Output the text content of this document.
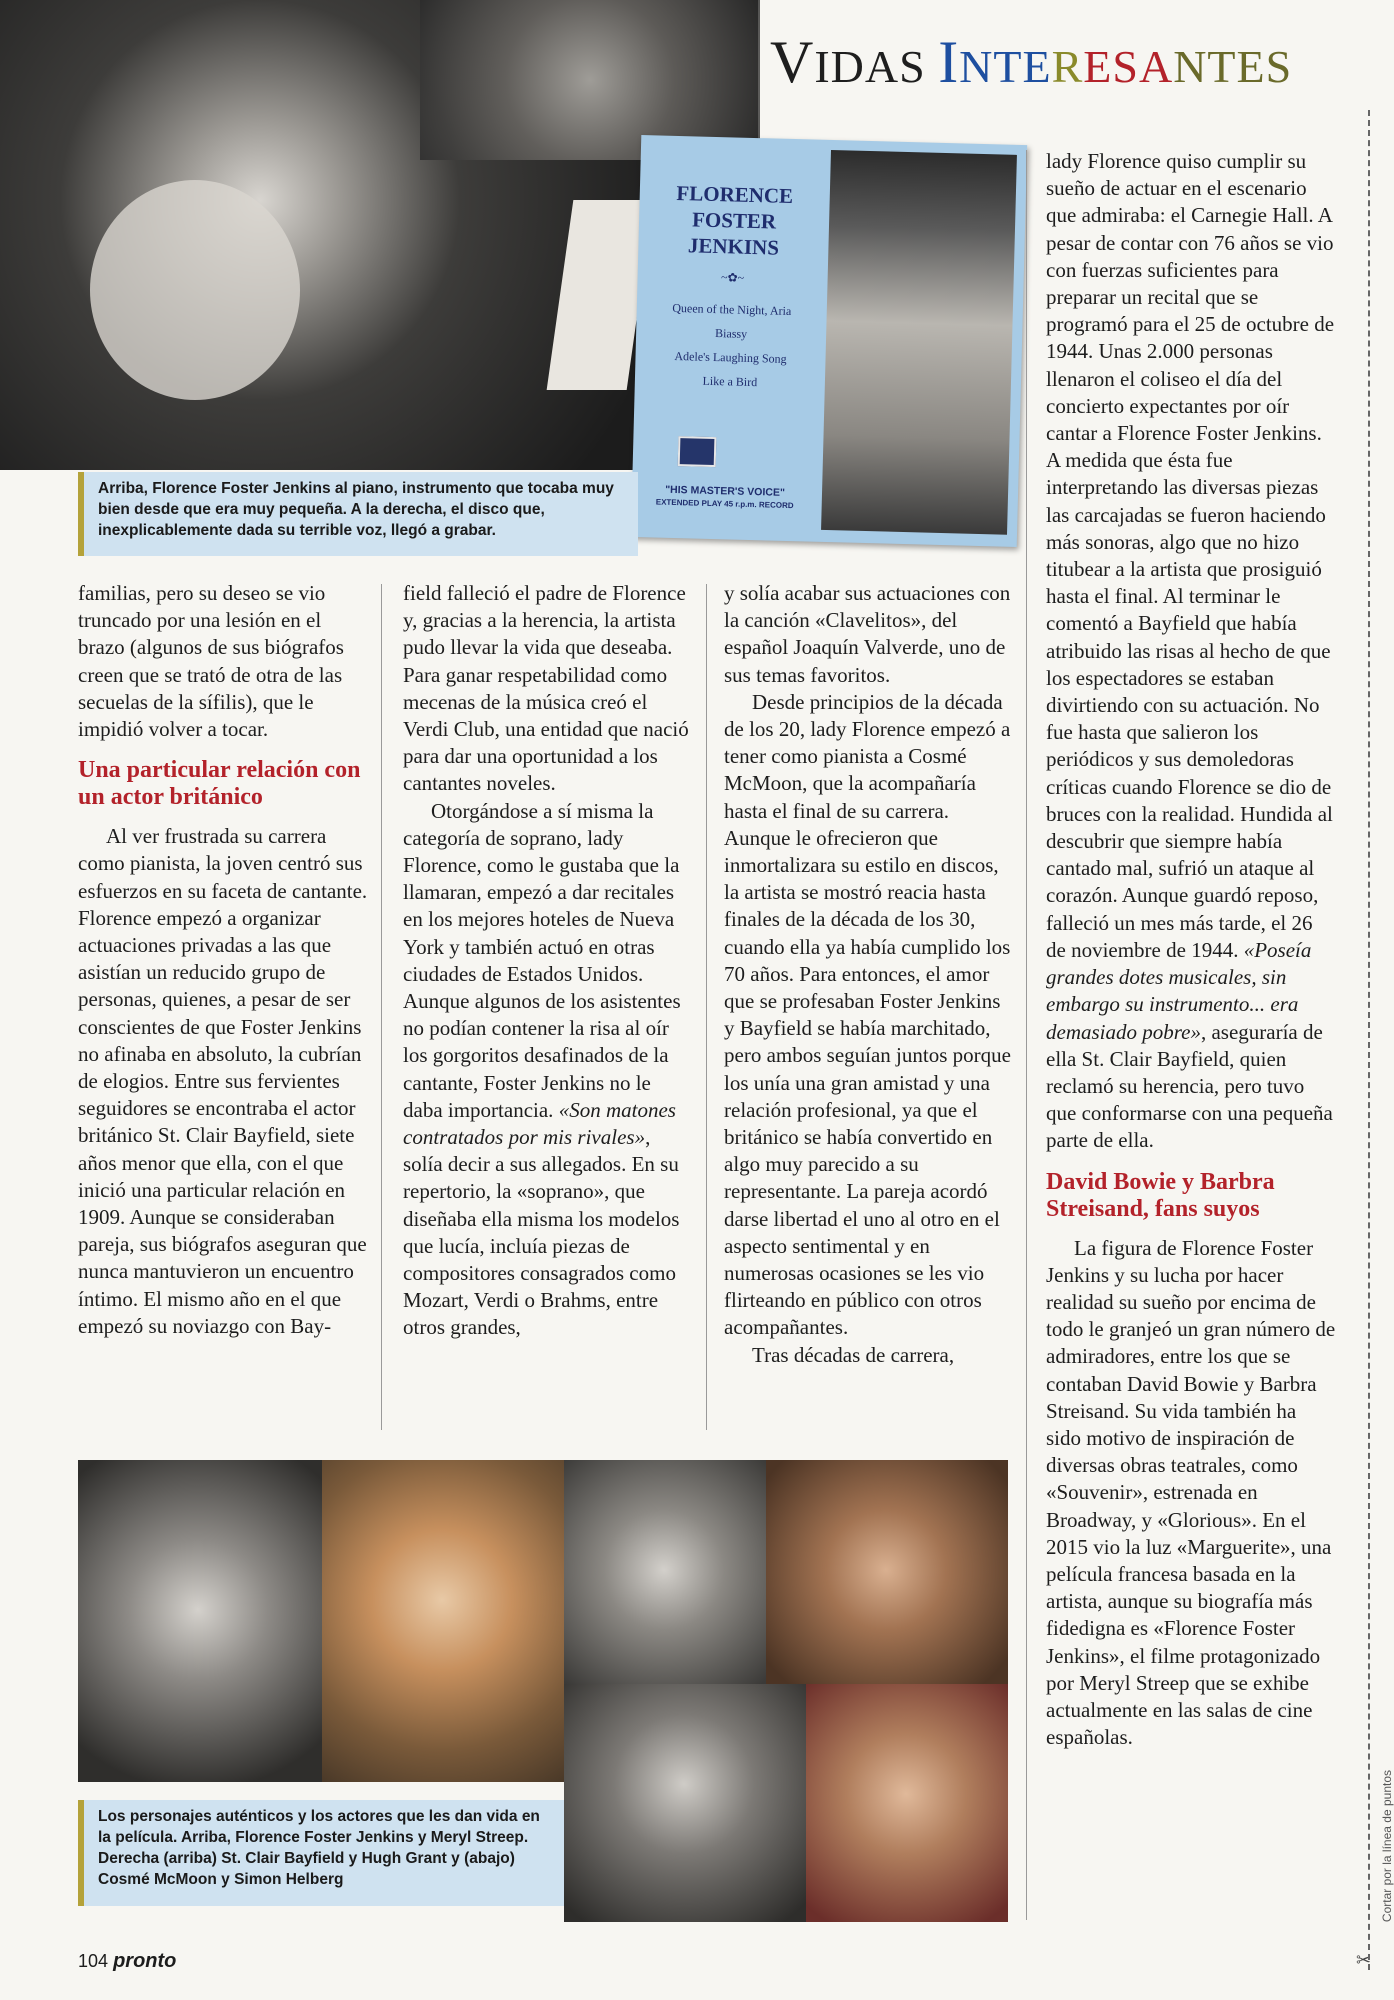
VIDAS INTERESANTES
FLORENCE
FOSTER
JENKINS
~✿~
Queen of the Night, Aria
Biassy
Adele's Laughing Song
Like a Bird
"HIS MASTER'S VOICE"
EXTENDED PLAY 45 r.p.m. RECORD
Arriba, Florence Foster Jenkins al piano, instrumento que tocaba muy bien desde que era muy pequeña. A la derecha, el disco que, inexplicablemente dada su terrible voz, llegó a grabar.

familias, pero su deseo se vio truncado por una lesión en el brazo (algunos de sus biógrafos creen que se trató de otra de las secuelas de la sífilis), que le impidió volver a tocar.

Una particular relación con un actor británico

Al ver frustrada su carrera como pianista, la joven centró sus esfuerzos en su faceta de cantante. Florence empezó a organizar actuaciones privadas a las que asistían un reducido grupo de personas, quienes, a pesar de ser conscientes de que Foster Jenkins no afinaba en absoluto, la cubrían de elogios. Entre sus fervientes seguidores se encontraba el actor británico St. Clair Bayfield, siete años menor que ella, con el que inició una particular relación en 1909. Aunque se consideraban pareja, sus biógrafos aseguran que nunca mantuvieron un encuentro íntimo. El mismo año en el que empezó su noviazgo con Bay-

field falleció el padre de Florence y, gracias a la herencia, la artista pudo llevar la vida que deseaba. Para ganar respetabilidad como mecenas de la música creó el Verdi Club, una entidad que nació para dar una oportunidad a los cantantes noveles.

Otorgándose a sí misma la categoría de soprano, lady Florence, como le gustaba que la llamaran, empezó a dar recitales en los mejores hoteles de Nueva York y también actuó en otras ciudades de Estados Unidos. Aunque algunos de los asistentes no podían contener la risa al oír los gorgoritos desafinados de la cantante, Foster Jenkins no le daba importancia. «Son matones contratados por mis rivales», solía decir a sus allegados. En su repertorio, la «soprano», que diseñaba ella misma los modelos que lucía, incluía piezas de compositores consagrados como Mozart, Verdi o Brahms, entre otros grandes,

y solía acabar sus actuaciones con la canción «Clavelitos», del español Joaquín Valverde, uno de sus temas favoritos.

Desde principios de la década de los 20, lady Florence empezó a tener como pianista a Cosmé McMoon, que la acompañaría hasta el final de su carrera. Aunque le ofrecieron que inmortalizara su estilo en discos, la artista se mostró reacia hasta finales de la década de los 30, cuando ella ya había cumplido los 70 años. Para entonces, el amor que se profesaban Foster Jenkins y Bayfield se había marchitado, pero ambos seguían juntos porque los unía una gran amistad y una relación profesional, ya que el británico se había convertido en algo muy parecido a su representante. La pareja acordó darse libertad el uno al otro en el aspecto sentimental y en numerosas ocasiones se les vio flirteando en público con otros acompañantes.

Tras décadas de carrera,

lady Florence quiso cumplir su sueño de actuar en el escenario que admiraba: el Carnegie Hall. A pesar de contar con 76 años se vio con fuerzas suficientes para preparar un recital que se programó para el 25 de octubre de 1944. Unas 2.000 personas llenaron el coliseo el día del concierto expectantes por oír cantar a Florence Foster Jenkins. A medida que ésta fue interpretando las diversas piezas las carcajadas se fueron haciendo más sonoras, algo que no hizo titubear a la artista que prosiguió hasta el final. Al terminar le comentó a Bayfield que había atribuido las risas al hecho de que los espectadores se estaban divirtiendo con su actuación. No fue hasta que salieron los periódicos y sus demoledoras críticas cuando Florence se dio de bruces con la realidad. Hundida al descubrir que siempre había cantado mal, sufrió un ataque al corazón. Aunque guardó reposo, falleció un mes más tarde, el 26 de noviembre de 1944. «Poseía grandes dotes musicales, sin embargo su instrumento... era demasiado pobre», aseguraría de ella St. Clair Bayfield, quien reclamó su herencia, pero tuvo que conformarse con una pequeña parte de ella.

David Bowie y Barbra Streisand, fans suyos

La figura de Florence Foster Jenkins y su lucha por hacer realidad su sueño por encima de todo le granjeó un gran número de admiradores, entre los que se contaban David Bowie y Barbra Streisand. Su vida también ha sido motivo de inspiración de diversas obras teatrales, como «Souvenir», estrenada en Broadway, y «Glorious». En el 2015 vio la luz «Marguerite», una película francesa basada en la artista, aunque su biografía más fidedigna es «Florence Foster Jenkins», el filme protagonizado por Meryl Streep que se exhibe actualmente en las salas de cine españolas.

Los personajes auténticos y los actores que les dan vida en la película. Arriba, Florence Foster Jenkins y Meryl Streep. Derecha (arriba) St. Clair Bayfield y Hugh Grant y (abajo) Cosmé McMoon y Simon Helberg
104 pronto
Cortar por la línea de puntos
✂
